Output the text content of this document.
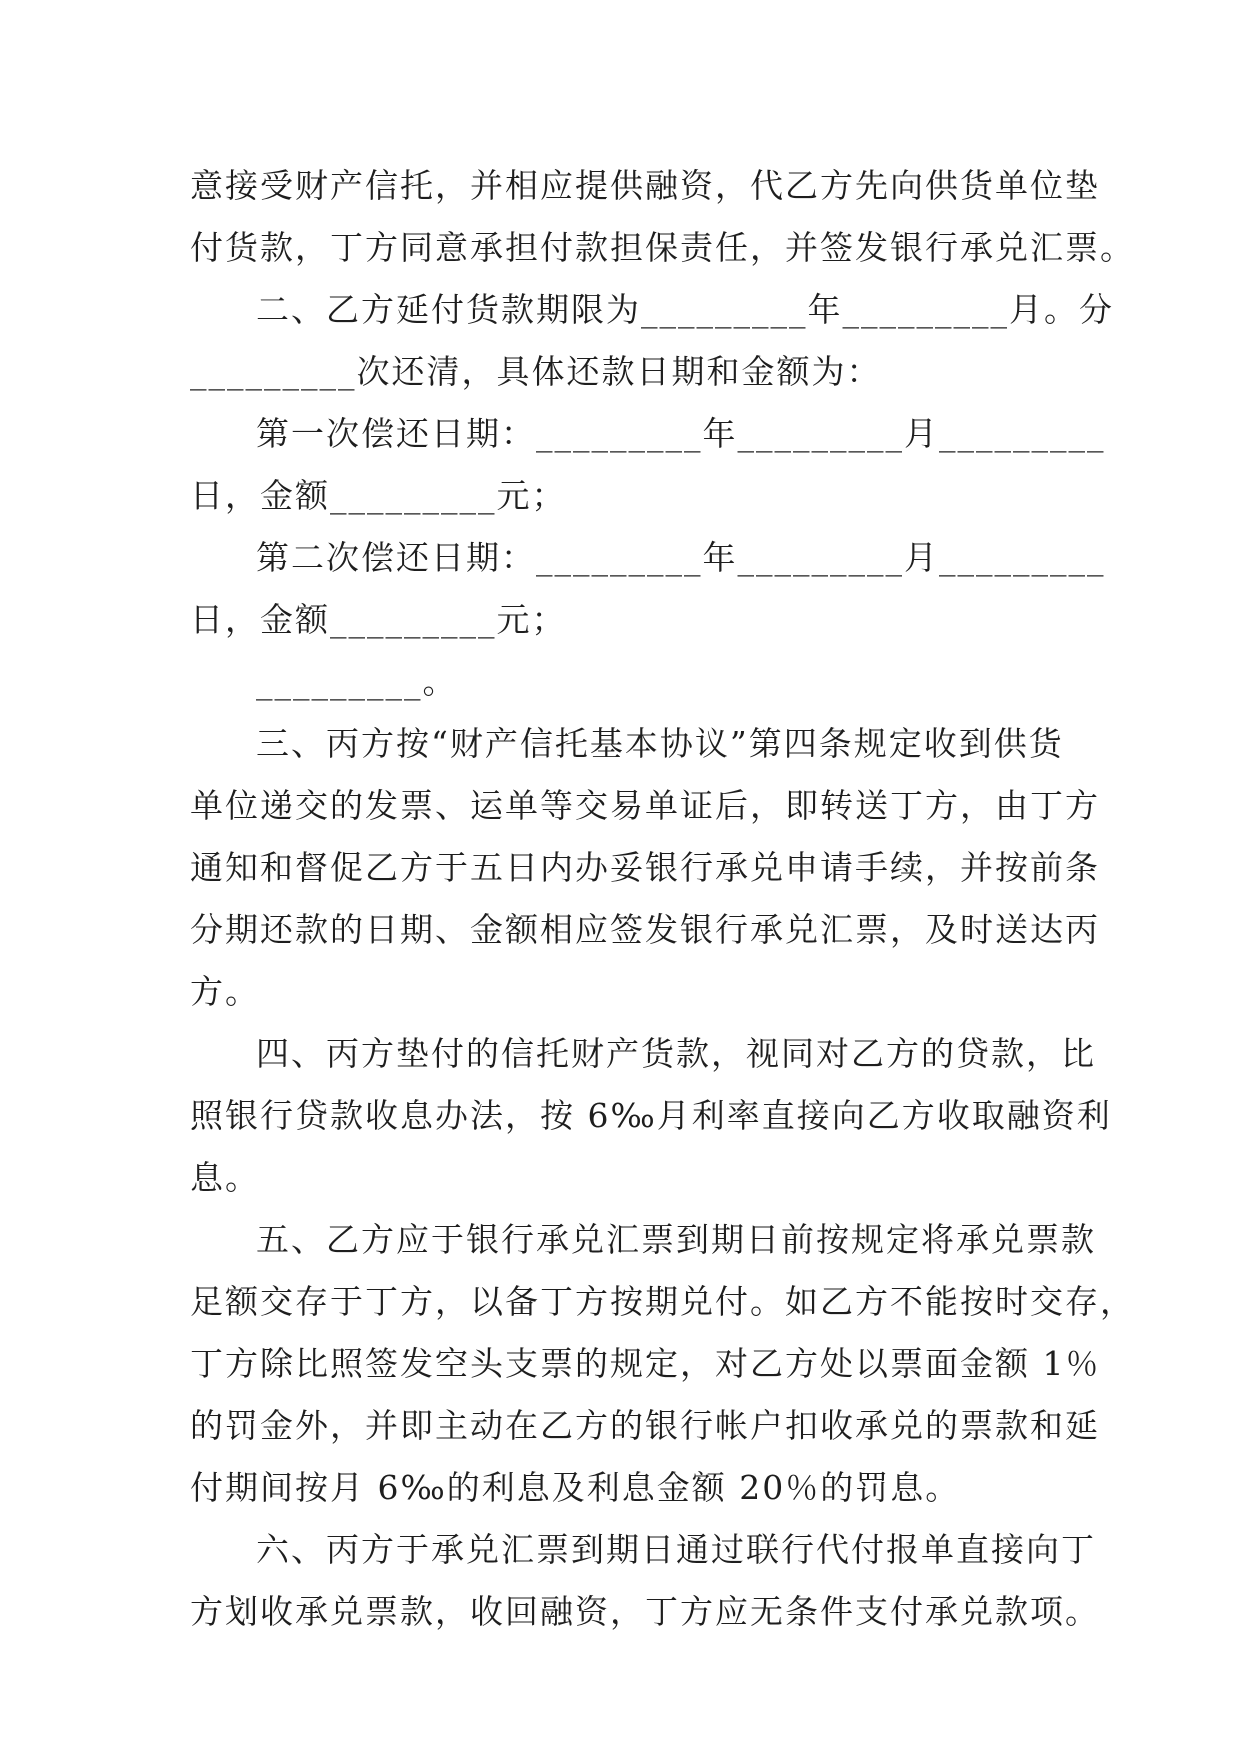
意接受财产信托，并相应提供融资，代乙方先向供货单位垫
付货款，丁方同意承担付款担保责任，并签发银行承兑汇票。

二、乙方延付货款期限为_________年_________月。分
_________次还清，具体还款日期和金额为：

第一次偿还日期：_________年_________月_________
日，金额_________元；

第二次偿还日期：_________年_________月_________
日，金额_________元；

_________。

三、丙方按“财产信托基本协议”第四条规定收到供货
单位递交的发票、运单等交易单证后，即转送丁方，由丁方
通知和督促乙方于五日内办妥银行承兑申请手续，并按前条
分期还款的日期、金额相应签发银行承兑汇票，及时送达丙
方。

四、丙方垫付的信托财产货款，视同对乙方的贷款，比
照银行贷款收息办法，按 6‰月利率直接向乙方收取融资利
息。

五、乙方应于银行承兑汇票到期日前按规定将承兑票款
足额交存于丁方，以备丁方按期兑付。如乙方不能按时交存，
丁方除比照签发空头支票的规定，对乙方处以票面金额 1％
的罚金外，并即主动在乙方的银行帐户扣收承兑的票款和延
付期间按月 6‰的利息及利息金额 20％的罚息。

六、丙方于承兑汇票到期日通过联行代付报单直接向丁
方划收承兑票款，收回融资，丁方应无条件支付承兑款项。
